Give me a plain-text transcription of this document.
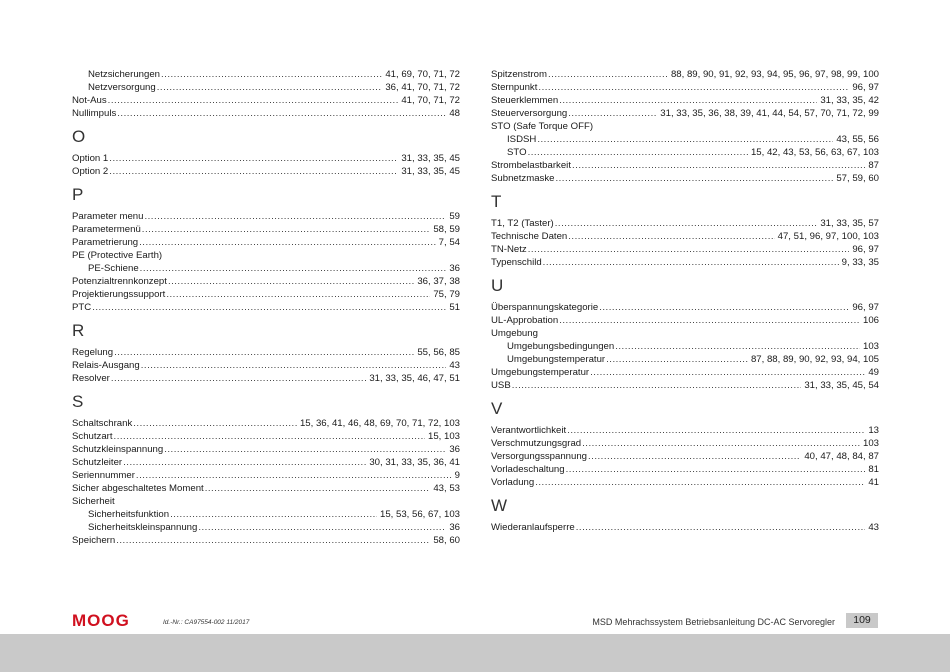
Netzsicherungen .....	41, 69, 70, 71, 72
Netzversorgung .....	36, 41, 70, 71, 72
Not-Aus .....	41, 70, 71, 72
Nullimpuls .....	48
O
Option 1 .....	31, 33, 35, 45
Option 2 .....	31, 33, 35, 45
P
Parameter menu .....	59
Parametermenü .....	58, 59
Parametrierung .....	7, 54
PE (Protective Earth)
PE-Schiene .....	36
Potenzialtrennkonzept .....	36, 37, 38
Projektierungssupport .....	75, 79
PTC .....	51
R
Regelung .....	55, 56, 85
Relais-Ausgang .....	43
Resolver .....	31, 33, 35, 46, 47, 51
S
Schaltschrank .....	15, 36, 41, 46, 48, 69, 70, 71, 72, 103
Schutzart .....	15, 103
Schutzkleinspannung .....	36
Schutzleiter .....	30, 31, 33, 35, 36, 41
Seriennummer .....	9
Sicher abgeschaltetes Moment .....	43, 53
Sicherheit
Sicherheitsfunktion .....	15, 53, 56, 67, 103
Sicherheitskleinspannung .....	36
Speichern .....	58, 60
Spitzenstrom .....	88, 89, 90, 91, 92, 93, 94, 95, 96, 97, 98, 99, 100
Sternpunkt .....	96, 97
Steuerklemmen .....	31, 33, 35, 42
Steuerversorgung .....	31, 33, 35, 36, 38, 39, 41, 44, 54, 57, 70, 71, 72, 99
STO (Safe Torque OFF)
ISDSH .....	43, 55, 56
STO .....	15, 42, 43, 53, 56, 63, 67, 103
Strombelastbarkeit .....	87
Subnetzmaske .....	57, 59, 60
T
T1, T2 (Taster) .....	31, 33, 35, 57
Technische Daten .....	47, 51, 96, 97, 100, 103
TN-Netz .....	96, 97
Typenschild .....	9, 33, 35
U
Überspannungskategorie .....	96, 97
UL-Approbation .....	106
Umgebung
Umgebungsbedingungen .....	103
Umgebungstemperatur .....	87, 88, 89, 90, 92, 93, 94, 105
Umgebungstemperatur .....	49
USB .....	31, 33, 35, 45, 54
V
Verantwortlichkeit .....	13
Verschmutzungsgrad .....	103
Versorgungsspannung .....	40, 47, 48, 84, 87
Vorladeschaltung .....	81
Vorladung .....	41
W
Wiederanlaufsperre .....	43
MOOG	Id.-Nr.: CA97554-002 11/2017	MSD Mehrachssystem Betriebsanleitung DC-AC Servoregler	109
